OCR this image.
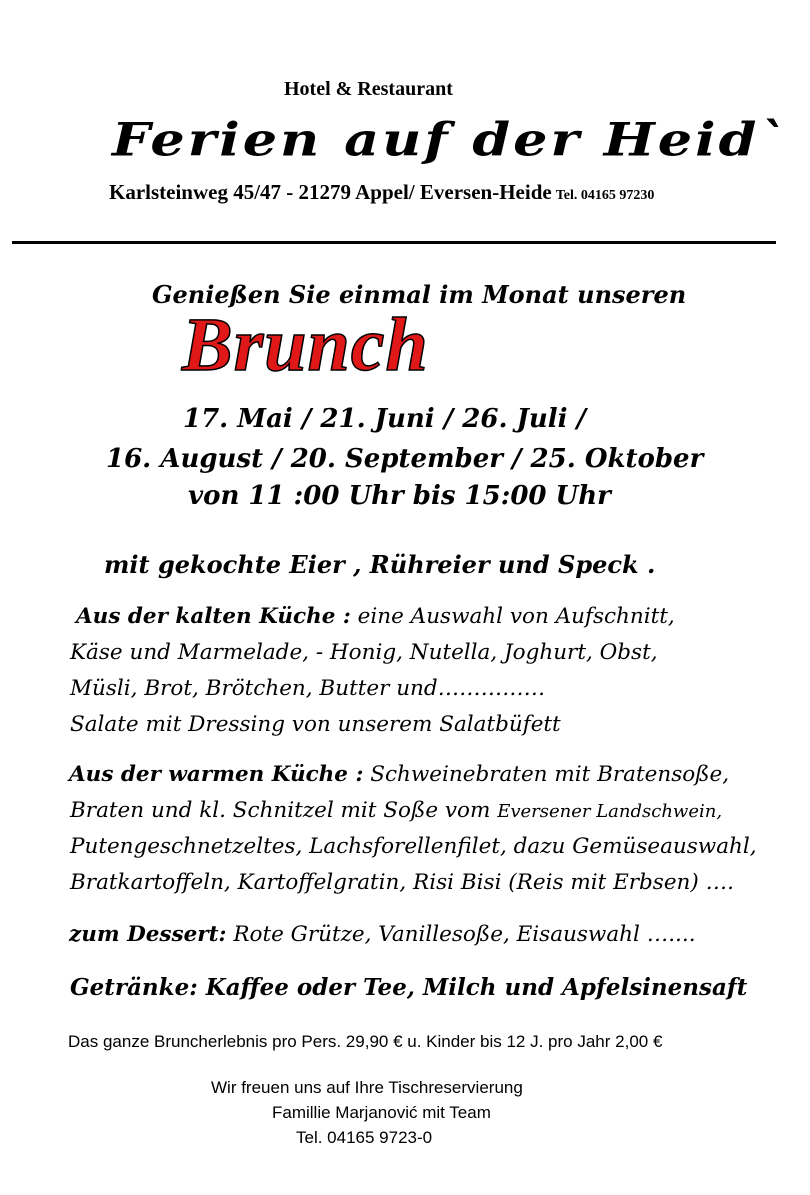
Hotel & Restaurant
Ferien auf der Heid`
Karlsteinweg 45/47 - 21279 Appel/ Eversen-Heide Tel. 04165 97230
Genießen Sie einmal im Monat unseren
Brunch
17. Mai / 21. Juni / 26. Juli /
16. August / 20. September / 25. Oktober
von 11 :00 Uhr bis 15:00 Uhr
mit gekochte Eier , Rühreier und Speck .
Aus der kalten Küche : eine Auswahl von Aufschnitt,
Käse und Marmelade, - Honig, Nutella, Joghurt, Obst,
Müsli, Brot, Brötchen, Butter und……………
Salate mit Dressing von unserem Salatbüfett
Aus der warmen Küche : Schweinebraten mit Bratensoße,
Braten und kl. Schnitzel mit Soße vom Eversener Landschwein,
Putengeschnetzeltes, Lachsforellenfilet, dazu Gemüseauswahl,
Bratkartoffeln, Kartoffelgratin, Risi Bisi (Reis mit Erbsen) ….
zum Dessert: Rote Grütze, Vanillesoße, Eisauswahl …....
Getränke: Kaffee oder Tee, Milch und Apfelsinensaft
Das ganze Bruncherlebnis pro Pers. 29,90 € u. Kinder bis 12 J. pro Jahr 2,00 €
Wir freuen uns auf Ihre Tischreservierung
Famillie Marjanović mit Team
Tel. 04165 9723-0
